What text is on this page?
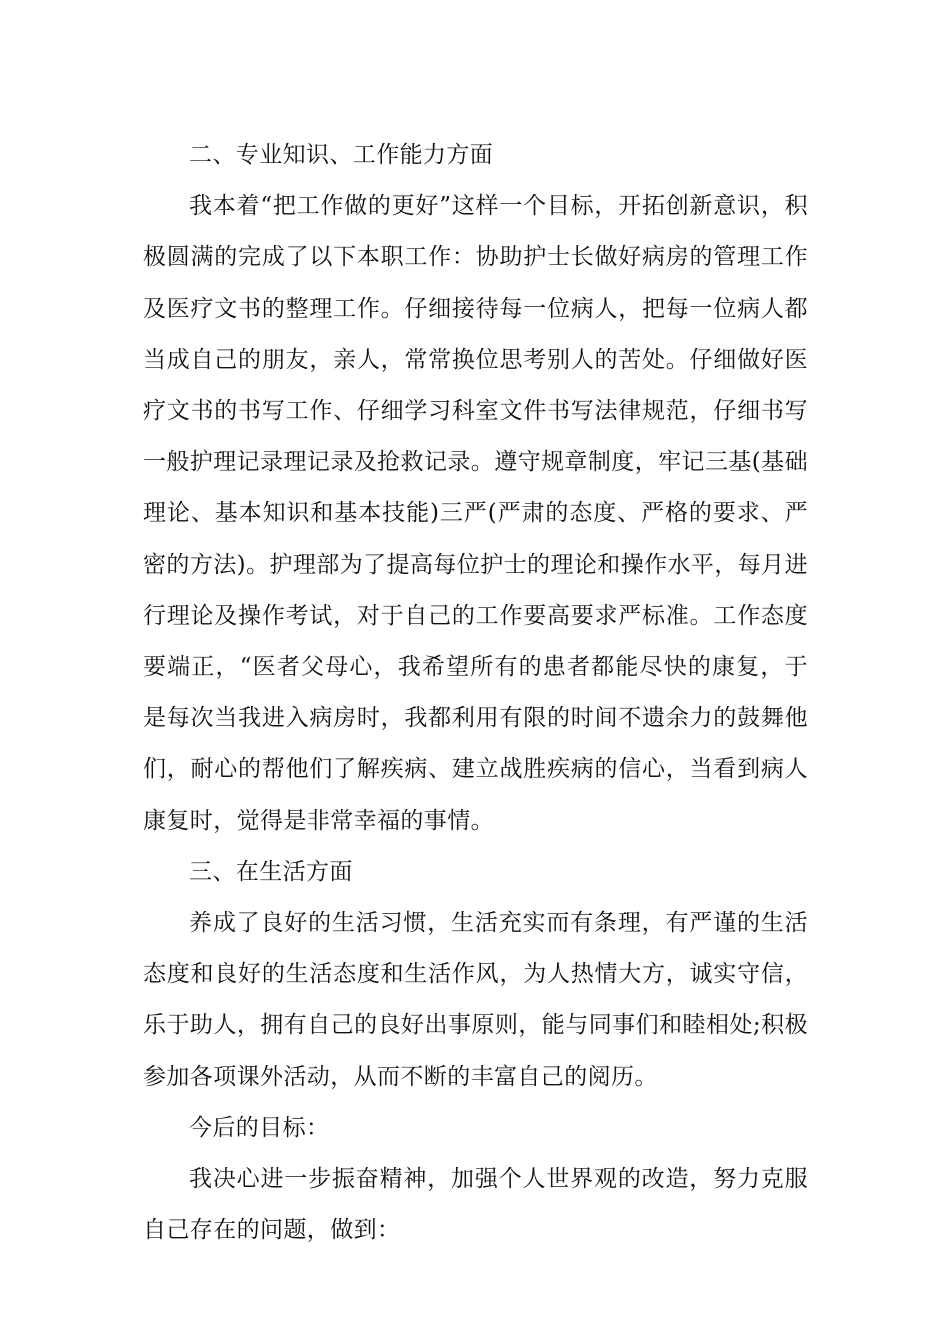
二、专业知识、工作能力方面

我本着“把工作做的更好”这样一个目标，开拓创新意识，积极圆满的完成了以下本职工作：协助护士长做好病房的管理工作及医疗文书的整理工作。仔细接待每一位病人，把每一位病人都当成自己的朋友，亲人，常常换位思考别人的苦处。仔细做好医疗文书的书写工作、仔细学习科室文件书写法律规范，仔细书写一般护理记录理记录及抢救记录。遵守规章制度，牢记三基(基础理论、基本知识和基本技能)三严(严肃的态度、严格的要求、严密的方法)。护理部为了提高每位护士的理论和操作水平，每月进行理论及操作考试，对于自己的工作要高要求严标准。工作态度要端正，“医者父母心，我希望所有的患者都能尽快的康复，于是每次当我进入病房时，我都利用有限的时间不遗余力的鼓舞他们，耐心的帮他们了解疾病、建立战胜疾病的信心，当看到病人康复时，觉得是非常幸福的事情。

三、在生活方面

养成了良好的生活习惯，生活充实而有条理，有严谨的生活态度和良好的生活态度和生活作风，为人热情大方，诚实守信，乐于助人，拥有自己的良好出事原则，能与同事们和睦相处;积极参加各项课外活动，从而不断的丰富自己的阅历。

今后的目标：

我决心进一步振奋精神，加强个人世界观的改造，努力克服自己存在的问题，做到：
